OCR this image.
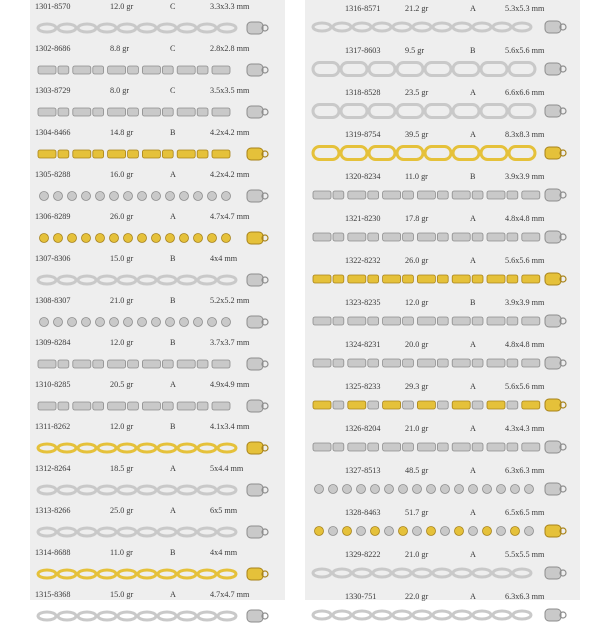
1301-8570	12.0 gr	C	3.3x3.3 mm
1302-8686	8.8 gr	C	2.8x2.8 mm
1303-8729	8.0 gr	C	3.5x3.5 mm
1304-8466	14.8 gr	B	4.2x4.2 mm
1305-8288	16.0 gr	A	4.2x4.2 mm
1306-8289	26.0 gr	A	4.7x4.7 mm
1307-8306	15.0 gr	B	4x4 mm
1308-8307	21.0 gr	B	5.2x5.2 mm
1309-8284	12.0 gr	B	3.7x3.7 mm
1310-8285	20.5 gr	A	4.9x4.9 mm
1311-8262	12.0 gr	B	4.1x3.4 mm
1312-8264	18.5 gr	A	5x4.4 mm
1313-8266	25.0 gr	A	6x5 mm
1314-8688	11.0 gr	B	4x4 mm
1315-8368	15.0 gr	A	4.7x4.7 mm
1316-8571	21.2 gr	A	5.3x5.3 mm
1317-8603	9.5 gr	B	5.6x5.6 mm
1318-8528	23.5 gr	A	6.6x6.6 mm
1319-8754	39.5 gr	A	8.3x8.3 mm
1320-8234	11.0 gr	B	3.9x3.9 mm
1321-8230	17.8 gr	A	4.8x4.8 mm
1322-8232	26.0 gr	A	5.6x5.6 mm
1323-8235	12.0 gr	B	3.9x3.9 mm
1324-8231	20.0 gr	A	4.8x4.8 mm
1325-8233	29.3 gr	A	5.6x5.6 mm
1326-8204	21.0 gr	A	4.3x4.3 mm
1327-8513	48.5 gr	A	6.3x6.3 mm
1328-8463	51.7 gr	A	6.5x6.5 mm
1329-8222	21.0 gr	A	5.5x5.5 mm
1330-751	22.0 gr	A	6.3x6.3 mm
